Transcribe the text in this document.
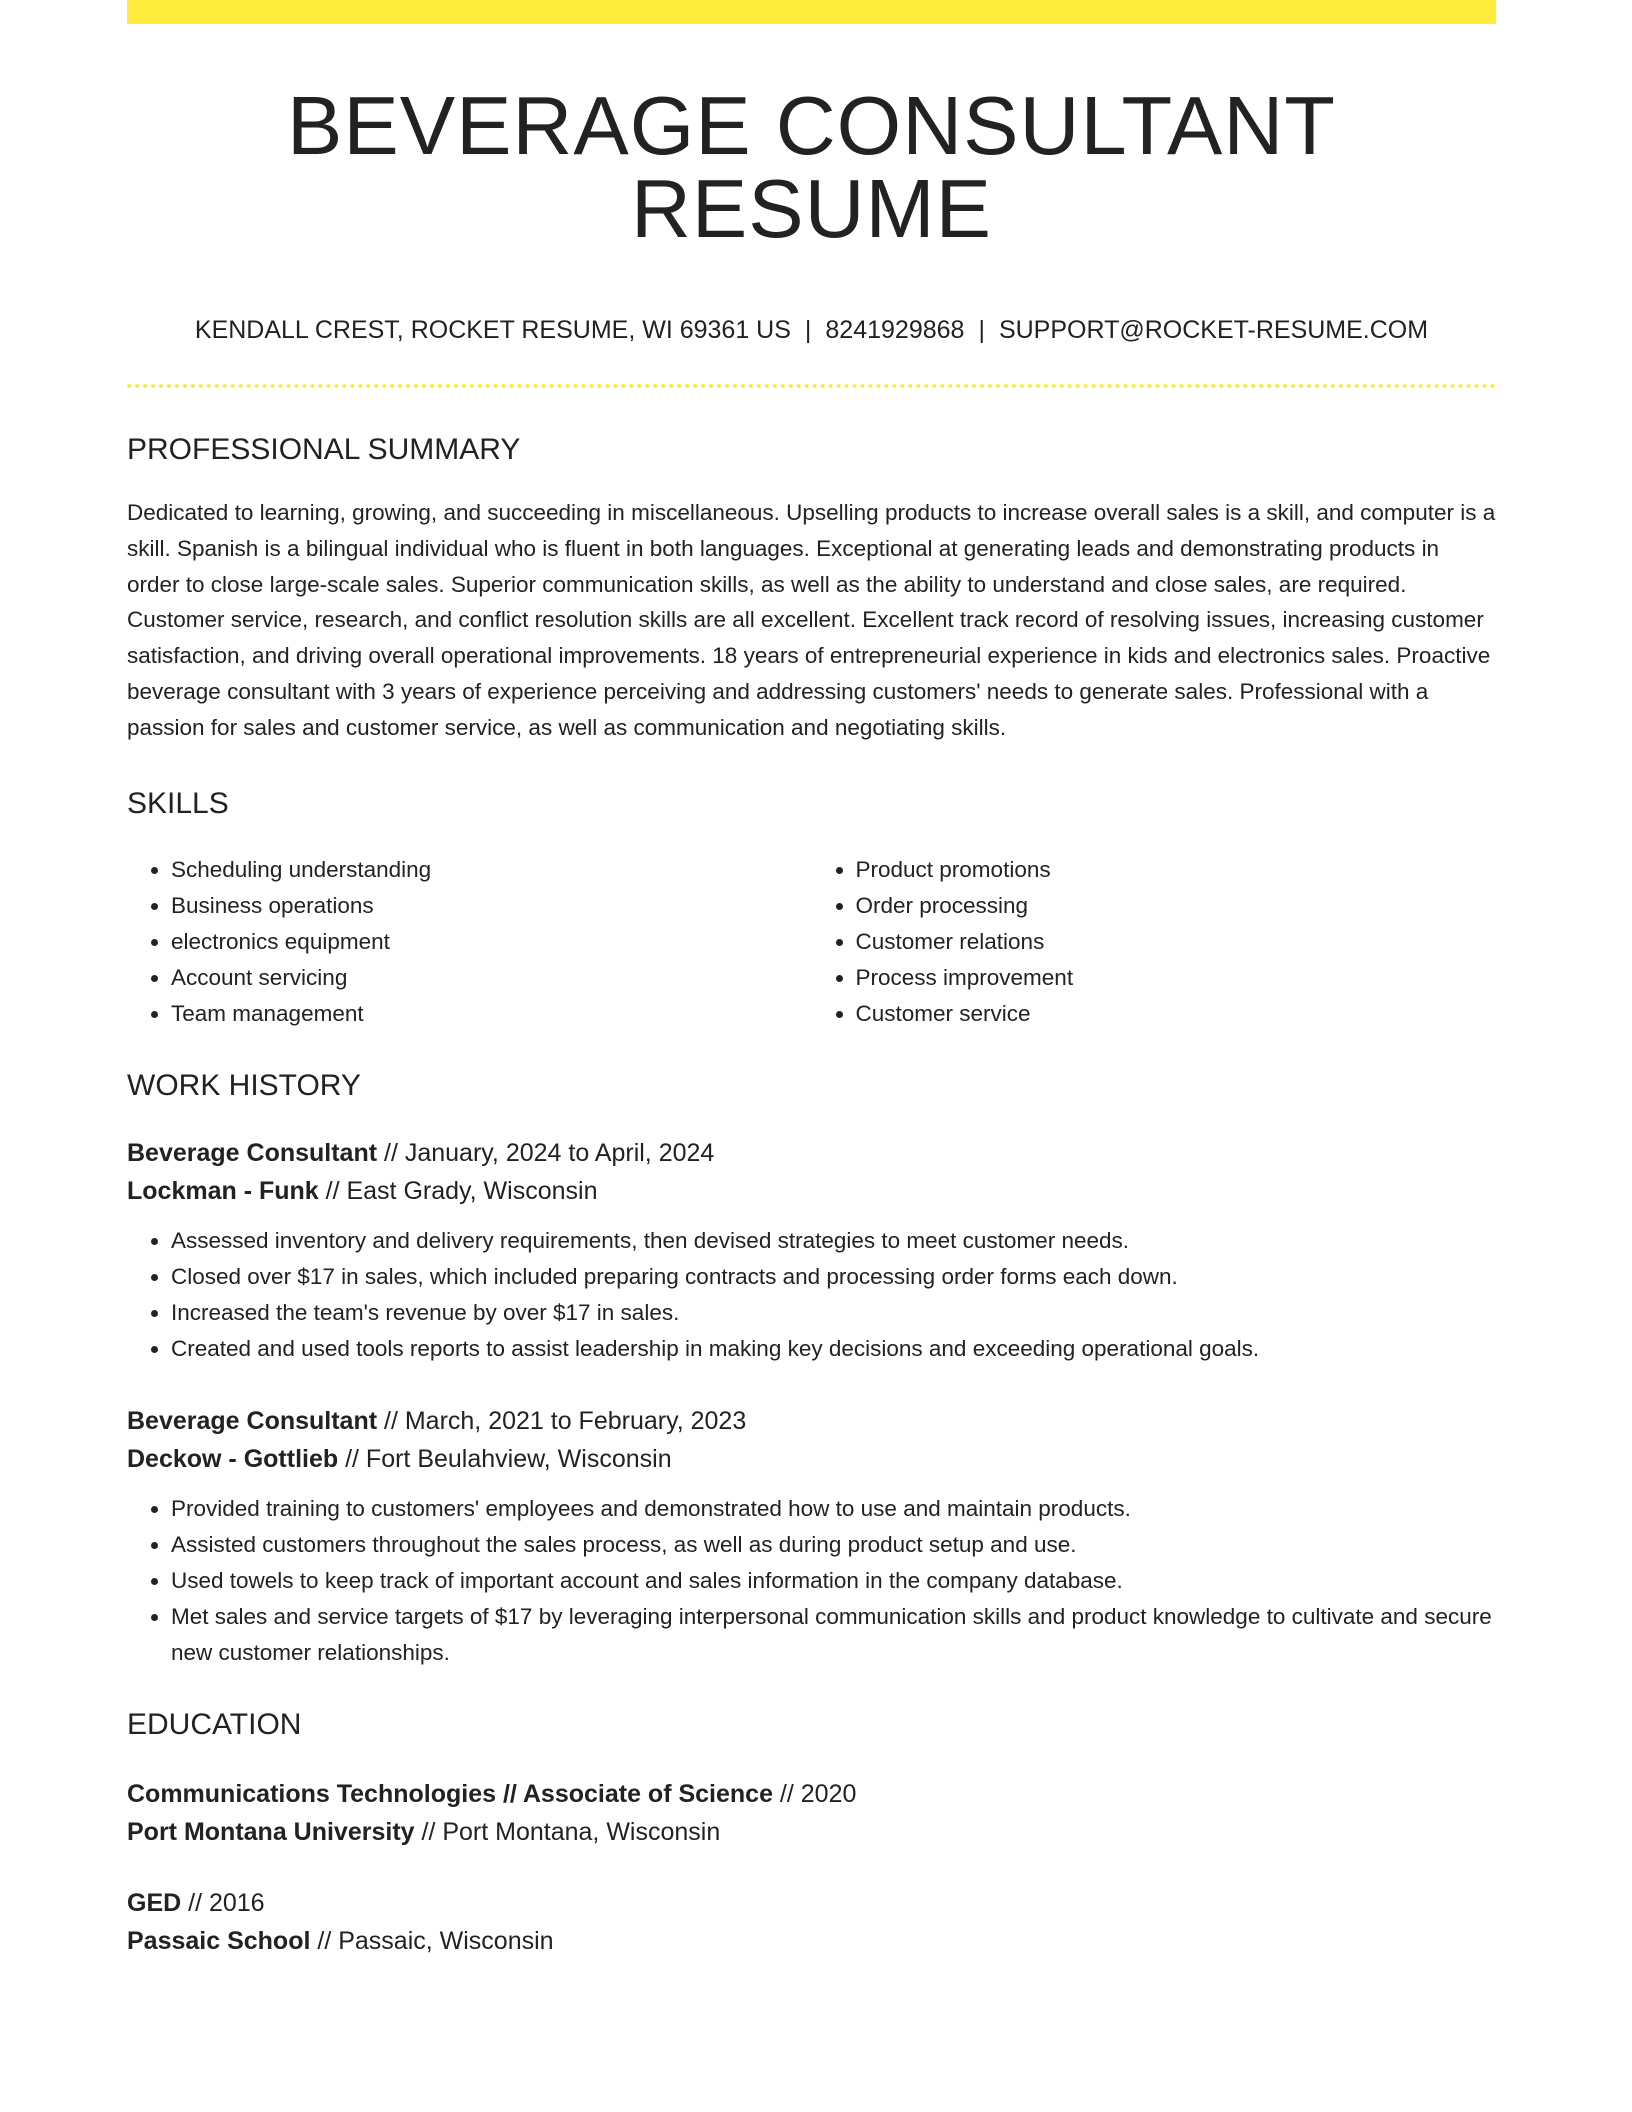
BEVERAGE CONSULTANT RESUME
KENDALL CREST, ROCKET RESUME, WI 69361 US | 8241929868 | SUPPORT@ROCKET-RESUME.COM
PROFESSIONAL SUMMARY

Dedicated to learning, growing, and succeeding in miscellaneous. Upselling products to increase overall sales is a skill, and computer is a skill. Spanish is a bilingual individual who is fluent in both languages. Exceptional at generating leads and demonstrating products in order to close large-scale sales. Superior communication skills, as well as the ability to understand and close sales, are required. Customer service, research, and conflict resolution skills are all excellent. Excellent track record of resolving issues, increasing customer satisfaction, and driving overall operational improvements. 18 years of entrepreneurial experience in kids and electronics sales. Proactive beverage consultant with 3 years of experience perceiving and addressing customers' needs to generate sales. Professional with a passion for sales and customer service, as well as communication and negotiating skills.

SKILLS
• Scheduling understanding
• Business operations
• electronics equipment
• Account servicing
• Team management
• Product promotions
• Order processing
• Customer relations
• Process improvement
• Customer service
WORK HISTORY
Beverage Consultant // January, 2024 to April, 2024
Lockman - Funk // East Grady, Wisconsin
• Assessed inventory and delivery requirements, then devised strategies to meet customer needs.
• Closed over $17 in sales, which included preparing contracts and processing order forms each down.
• Increased the team's revenue by over $17 in sales.
• Created and used tools reports to assist leadership in making key decisions and exceeding operational goals.
Beverage Consultant // March, 2021 to February, 2023
Deckow - Gottlieb // Fort Beulahview, Wisconsin
• Provided training to customers' employees and demonstrated how to use and maintain products.
• Assisted customers throughout the sales process, as well as during product setup and use.
• Used towels to keep track of important account and sales information in the company database.
• Met sales and service targets of $17 by leveraging interpersonal communication skills and product knowledge to cultivate and secure new customer relationships.
EDUCATION
Communications Technologies // Associate of Science // 2020
Port Montana University // Port Montana, Wisconsin
GED // 2016
Passaic School // Passaic, Wisconsin
